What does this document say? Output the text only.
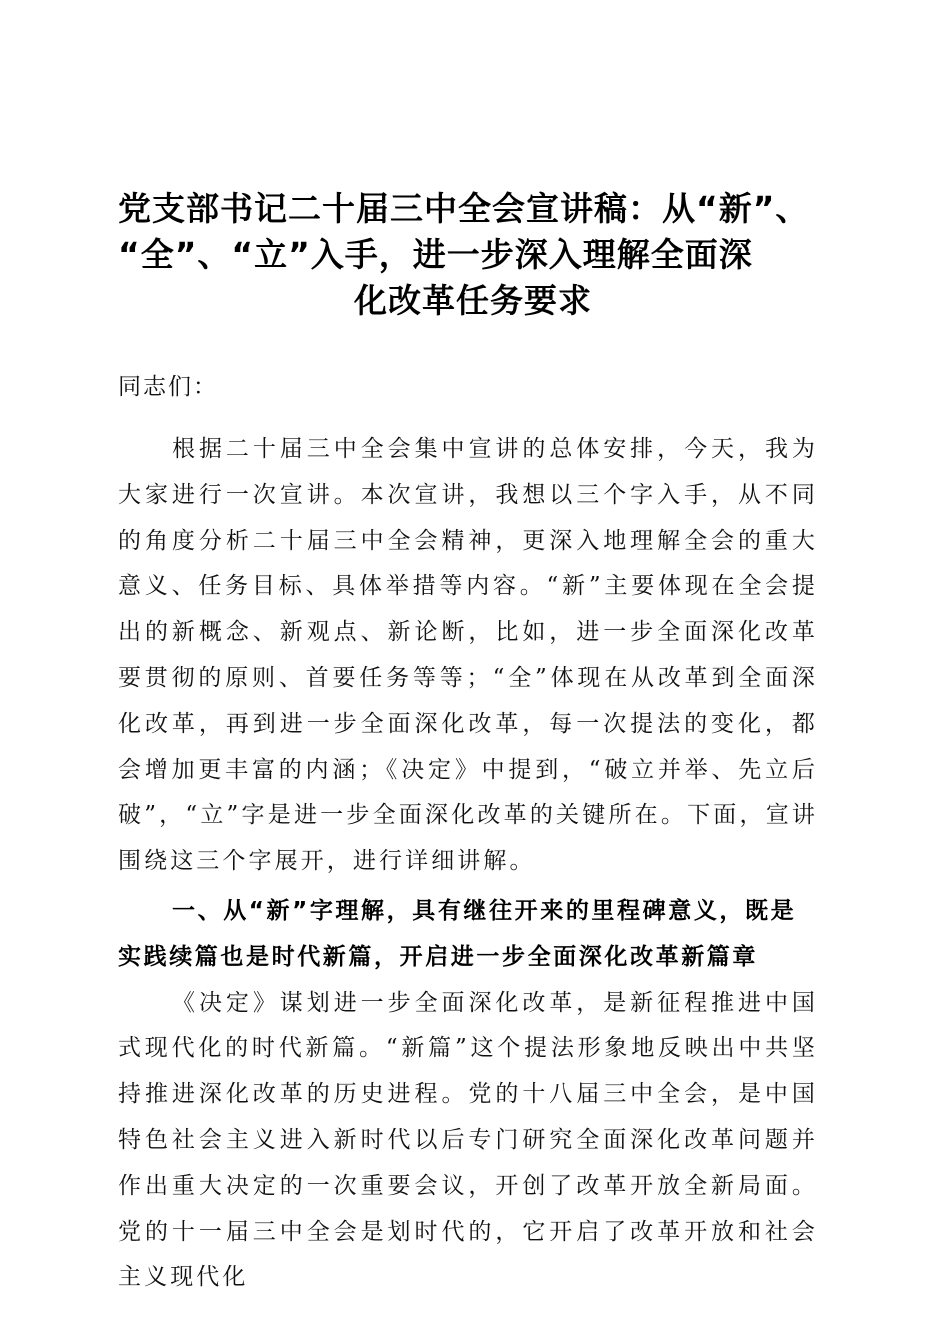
党支部书记二十届三中全会宣讲稿：从“新”、
“全”、“立”入手，进一步深入理解全面深
化改革任务要求

同志们：

根据二十届三中全会集中宣讲的总体安排，今天，我为大家进行一次宣讲。本次宣讲，我想以三个字入手，从不同的角度分析二十届三中全会精神，更深入地理解全会的重大意义、任务目标、具体举措等内容。“新”主要体现在全会提出的新概念、新观点、新论断，比如，进一步全面深化改革要贯彻的原则、首要任务等等；“全”体现在从改革到全面深化改革，再到进一步全面深化改革，每一次提法的变化，都会增加更丰富的内涵；《决定》中提到，“破立并举、先立后破”，“立”字是进一步全面深化改革的关键所在。下面，宣讲围绕这三个字展开，进行详细讲解。

一、从“新”字理解，具有继往开来的里程碑意义，既是实践续篇也是时代新篇，开启进一步全面深化改革新篇章

《决定》谋划进一步全面深化改革，是新征程推进中国式现代化的时代新篇。“新篇”这个提法形象地反映出中共坚持推进深化改革的历史进程。党的十八届三中全会，是中国特色社会主义进入新时代以后专门研究全面深化改革问题并作出重大决定的一次重要会议，开创了改革开放全新局面。党的十一届三中全会是划时代的，它开启了改革开放和社会主义现代化
